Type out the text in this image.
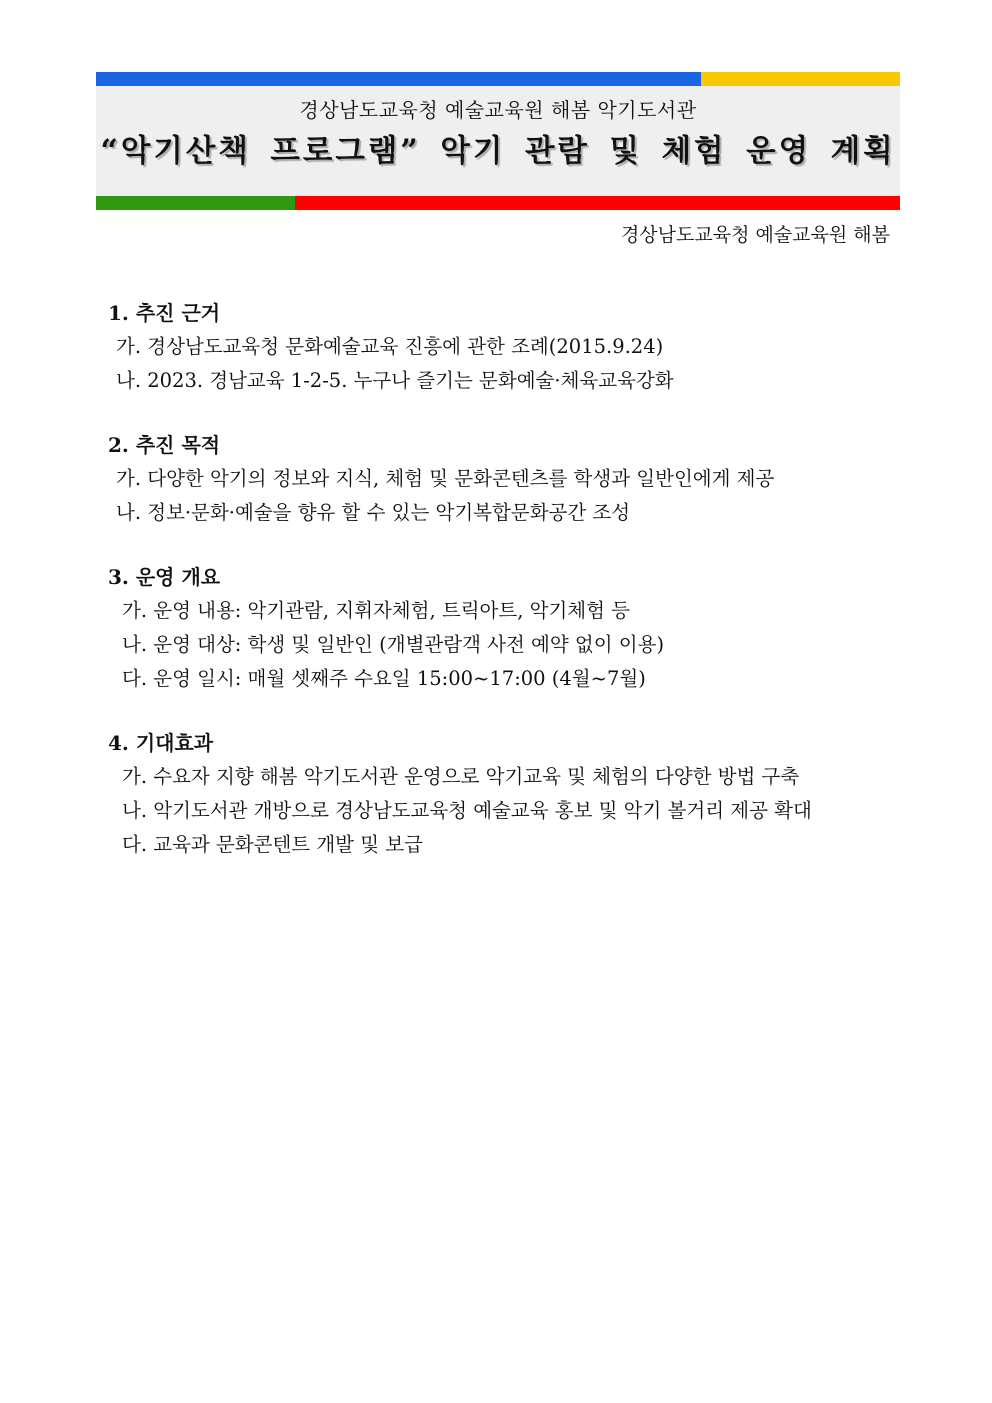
경상남도교육청 예술교육원 해봄 악기도서관
“악기산책 프로그램” 악기 관람 및 체험 운영 계획
경상남도교육청 예술교육원 해봄
1. 추진 근거
가. 경상남도교육청 문화예술교육 진흥에 관한 조례(2015.9.24)
나. 2023. 경남교육 1-2-5. 누구나 즐기는 문화예술·체육교육강화
2. 추진 목적
가. 다양한 악기의 정보와 지식, 체험 및 문화콘텐츠를 학생과 일반인에게 제공
나. 정보·문화·예술을 향유 할 수 있는 악기복합문화공간 조성
3. 운영 개요
가. 운영 내용: 악기관람, 지휘자체험, 트릭아트, 악기체험 등
나. 운영 대상: 학생 및 일반인 (개별관람객 사전 예약 없이 이용)
다. 운영 일시: 매월 셋째주 수요일 15:00~17:00 (4월~7월)
4. 기대효과
가. 수요자 지향 해봄 악기도서관 운영으로 악기교육 및 체험의 다양한 방법 구축
나. 악기도서관 개방으로 경상남도교육청 예술교육 홍보 및 악기 볼거리 제공 확대
다. 교육과 문화콘텐트 개발 및 보급
